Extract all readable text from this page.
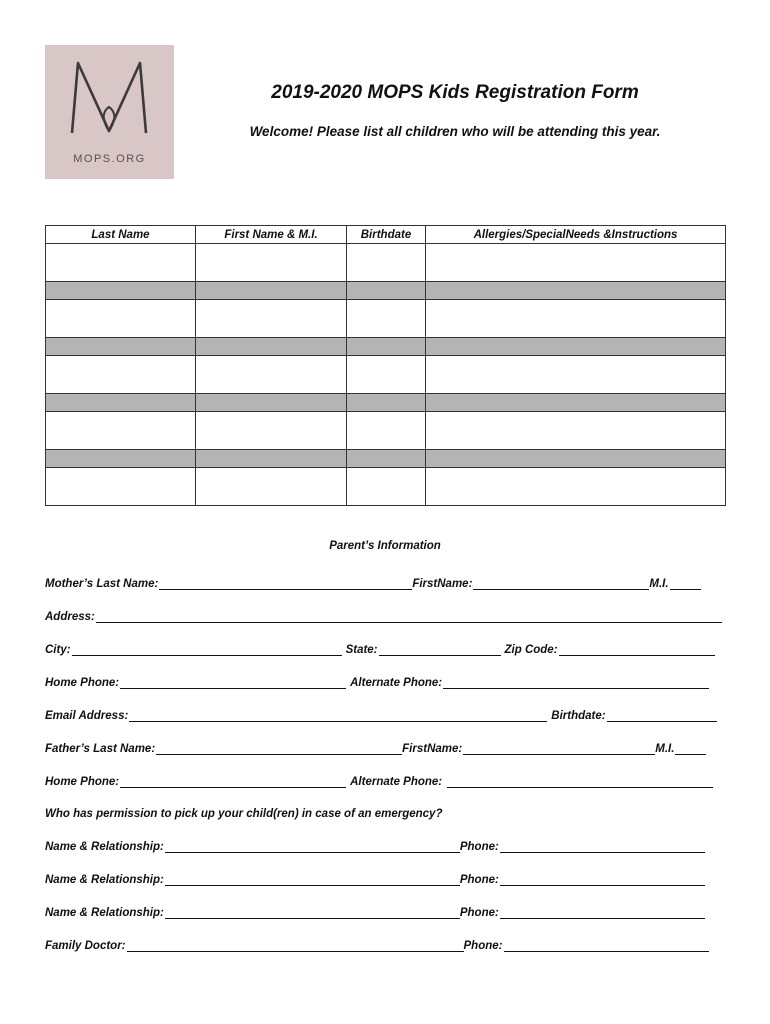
MOPS.ORG
2019-2020 MOPS Kids Registration Form
Welcome! Please list all children who will be attending this year.
Last Name	First Name & M.I.	Birthdate	Allergies/SpecialNeeds &Instructions

Parent’s Information
Mother’s Last Name:	FirstName:	M.I.
Address:
City:	State:	Zip Code:
Home Phone:	Alternate Phone:
Email Address:	Birthdate:
Father’s Last Name:	FirstName:	M.I.
Home Phone:	Alternate Phone:
Who has permission to pick up your child(ren) in case of an emergency?
Name & Relationship:	Phone:
Name & Relationship:	Phone:
Name & Relationship:	Phone:
Family Doctor:	Phone:
